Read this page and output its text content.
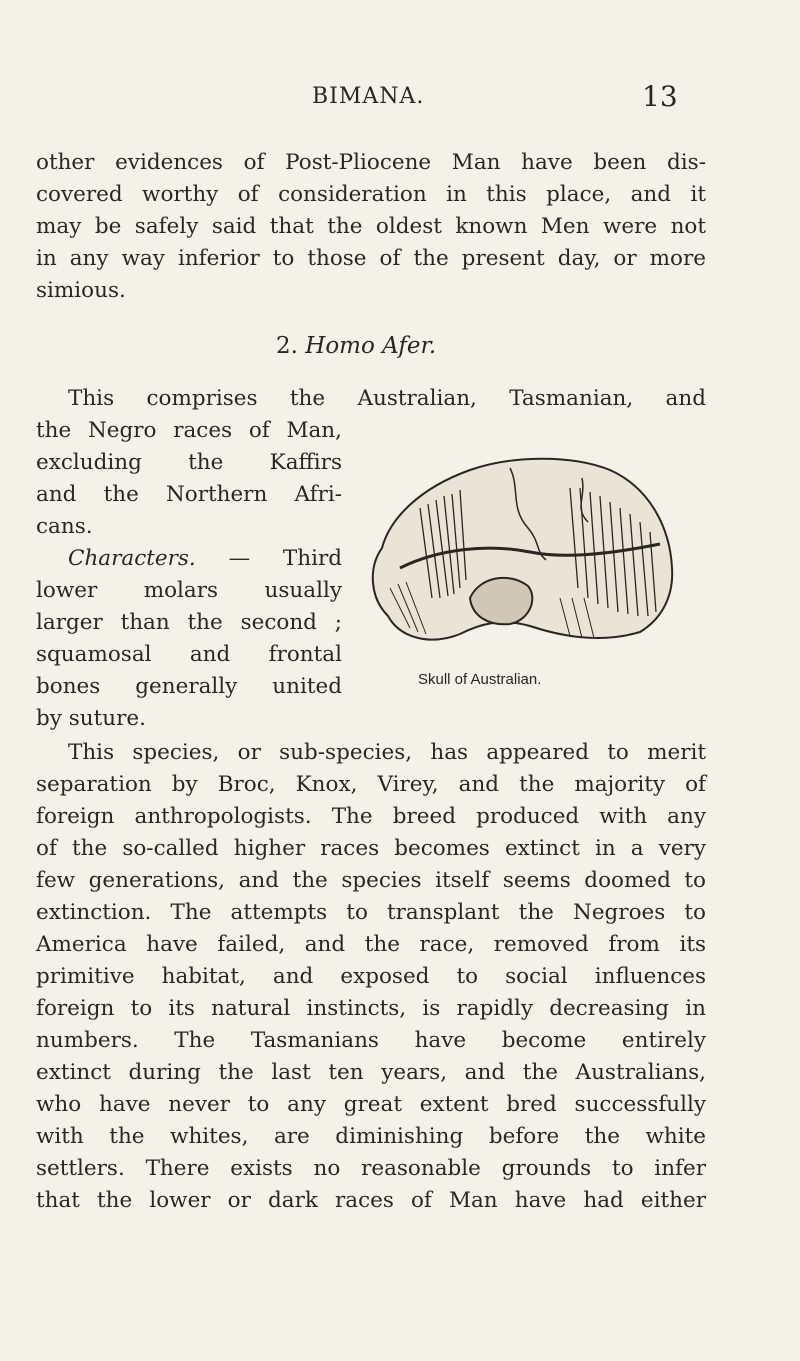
BIMANA.	13
other evidences of Post-Pliocene Man have been dis-
covered worthy of consideration in this place, and it
may be safely said that the oldest known Men were not
in any way inferior to those of the present day, or more
simious.
2. Homo Afer.
This comprises the Australian, Tasmanian, and
the Negro races of Man,
excluding the Kaffirs
and the Northern Afri-
cans.
Characters. — Third
lower molars usually
larger than the second ;
squamosal and frontal
bones generally united
by suture.
Skull of Australian.
This species, or sub-species, has appeared to merit
separation by Broc, Knox, Virey, and the majority of
foreign anthropologists. The breed produced with any
of the so-called higher races becomes extinct in a very
few generations, and the species itself seems doomed to
extinction. The attempts to transplant the Negroes to
America have failed, and the race, removed from its
primitive habitat, and exposed to social influences
foreign to its natural instincts, is rapidly decreasing in
numbers. The Tasmanians have become entirely
extinct during the last ten years, and the Australians,
who have never to any great extent bred successfully
with the whites, are diminishing before the white
settlers. There exists no reasonable grounds to infer
that the lower or dark races of Man have had either
